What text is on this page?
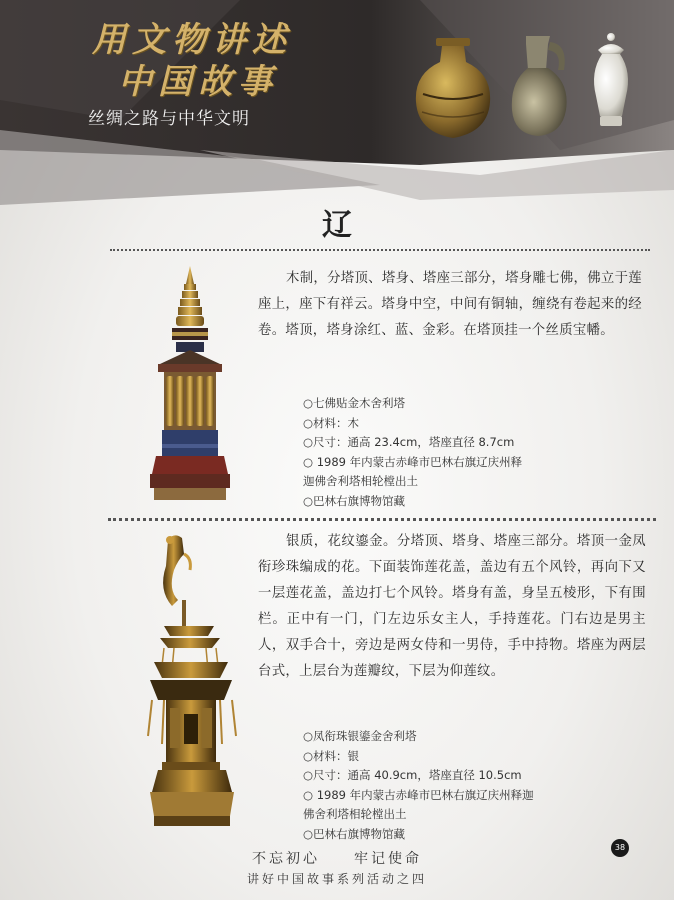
用文物讲述
中国故事
丝绸之路与中华文明
辽
木制，分塔顶、塔身、塔座三部分，塔身雕七佛，佛立于莲座上，座下有祥云。塔身中空，中间有铜轴，缠绕有卷起来的经卷。塔顶，塔身涂红、蓝、金彩。在塔顶挂一个丝质宝幡。
○七佛贴金木舍利塔
○材料：木
○尺寸：通高 23.4cm，塔座直径 8.7cm
○ 1989 年内蒙古赤峰市巴林右旗辽庆州释
迦佛舍利塔相轮樘出土
○巴林右旗博物馆藏
银质，花纹鎏金。分塔顶、塔身、塔座三部分。塔顶一金凤衔珍珠编成的花。下面装饰莲花盖，盖边有五个风铃，再向下又一层莲花盖，盖边打七个风铃。塔身有盖，身呈五棱形，下有围栏。正中有一门，门左边乐女主人，手持莲花。门右边是男主人，双手合十，旁边是两女侍和一男侍，手中持物。塔座为两层台式，上层台为莲瓣纹，下层为仰莲纹。
○凤衔珠银鎏金舍利塔
○材料：银
○尺寸：通高 40.9cm，塔座直径 10.5cm
○ 1989 年内蒙古赤峰市巴林右旗辽庆州释迦
佛舍利塔相轮樘出土
○巴林右旗博物馆藏
38
不忘初心　　牢记使命
讲好中国故事系列活动之四
